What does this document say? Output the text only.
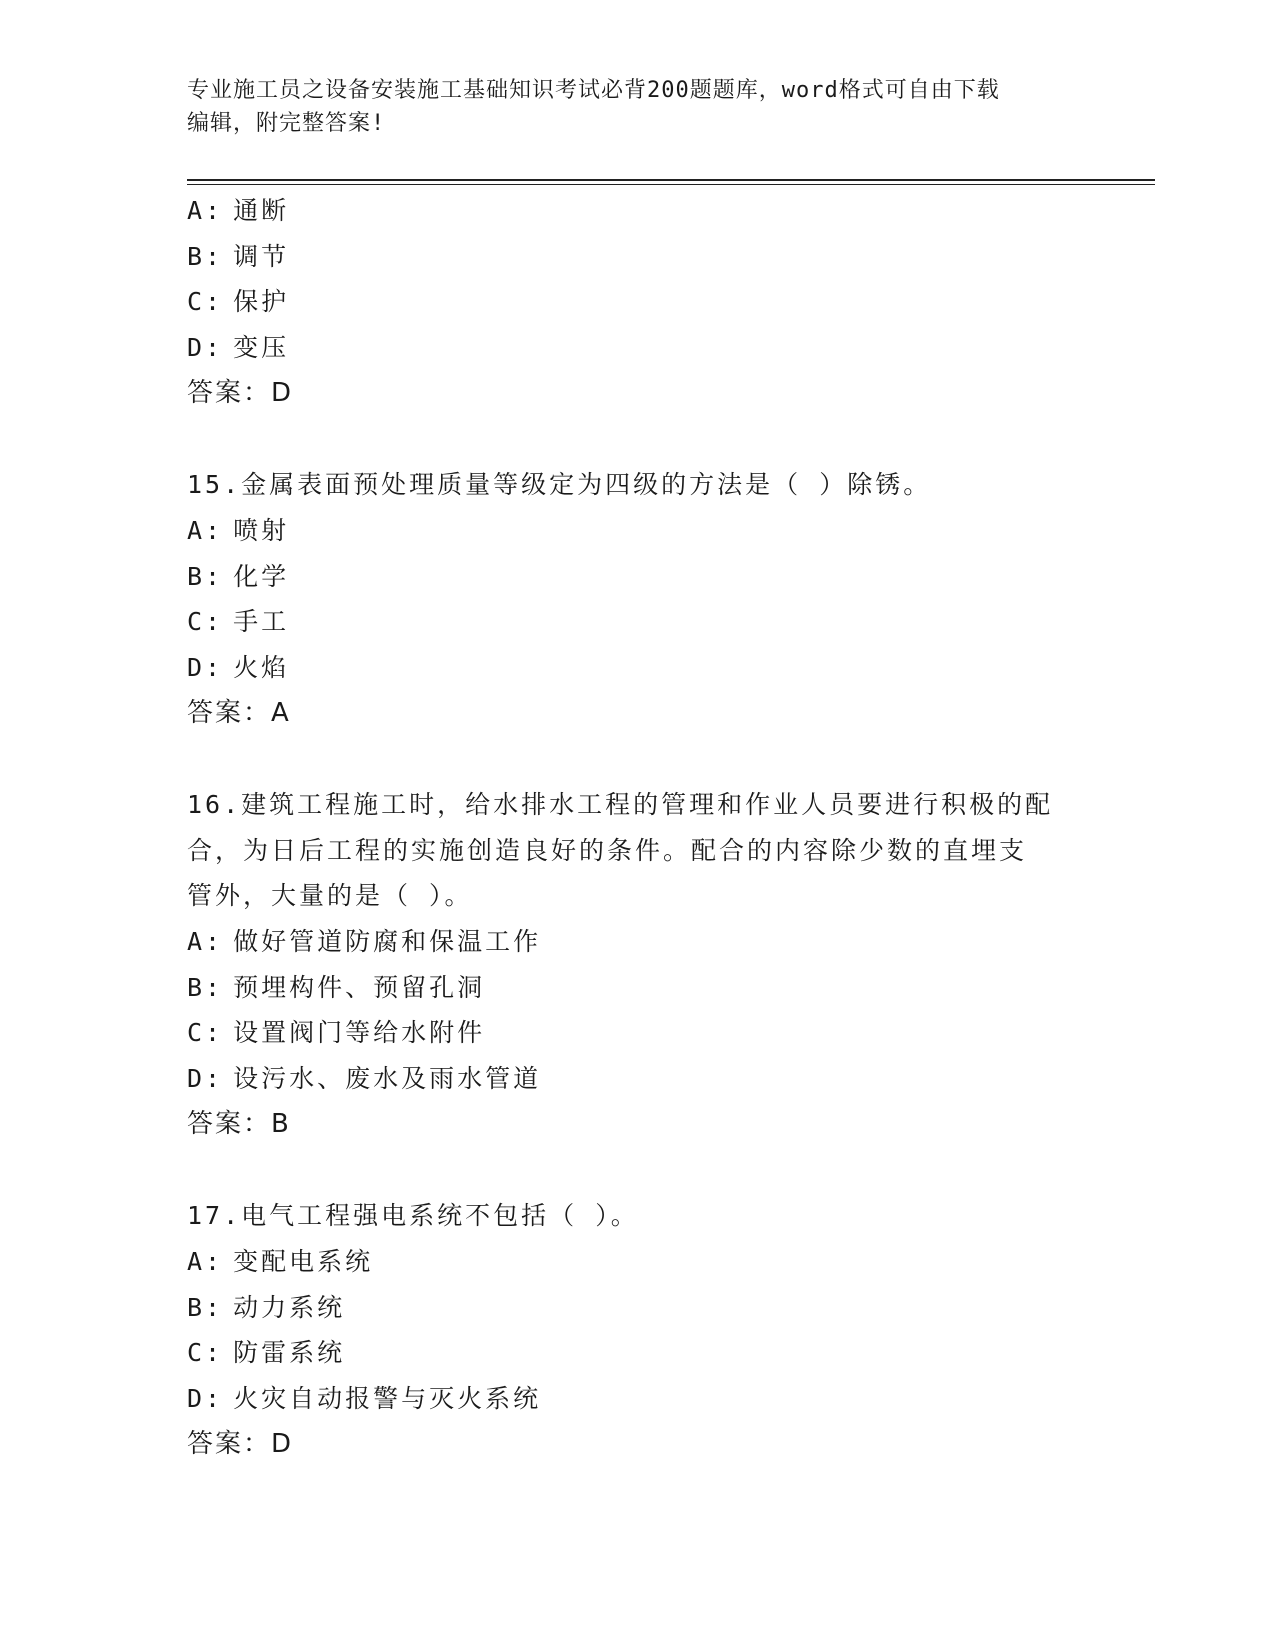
专业施工员之设备安装施工基础知识考试必背200题题库，word格式可自由下载
编辑，附完整答案!
A: 通断
B: 调节
C: 保护
D: 变压
答案：D
15.金属表面预处理质量等级定为四级的方法是（ ）除锈。
A: 喷射
B: 化学
C: 手工
D: 火焰
答案：A
16.建筑工程施工时，给水排水工程的管理和作业人员要进行积极的配
合，为日后工程的实施创造良好的条件。配合的内容除少数的直埋支
管外，大量的是（ ）。
A: 做好管道防腐和保温工作
B: 预埋构件、预留孔洞
C: 设置阀门等给水附件
D: 设污水、废水及雨水管道
答案：B
17.电气工程强电系统不包括（ ）。
A: 变配电系统
B: 动力系统
C: 防雷系统
D: 火灾自动报警与灭火系统
答案：D
